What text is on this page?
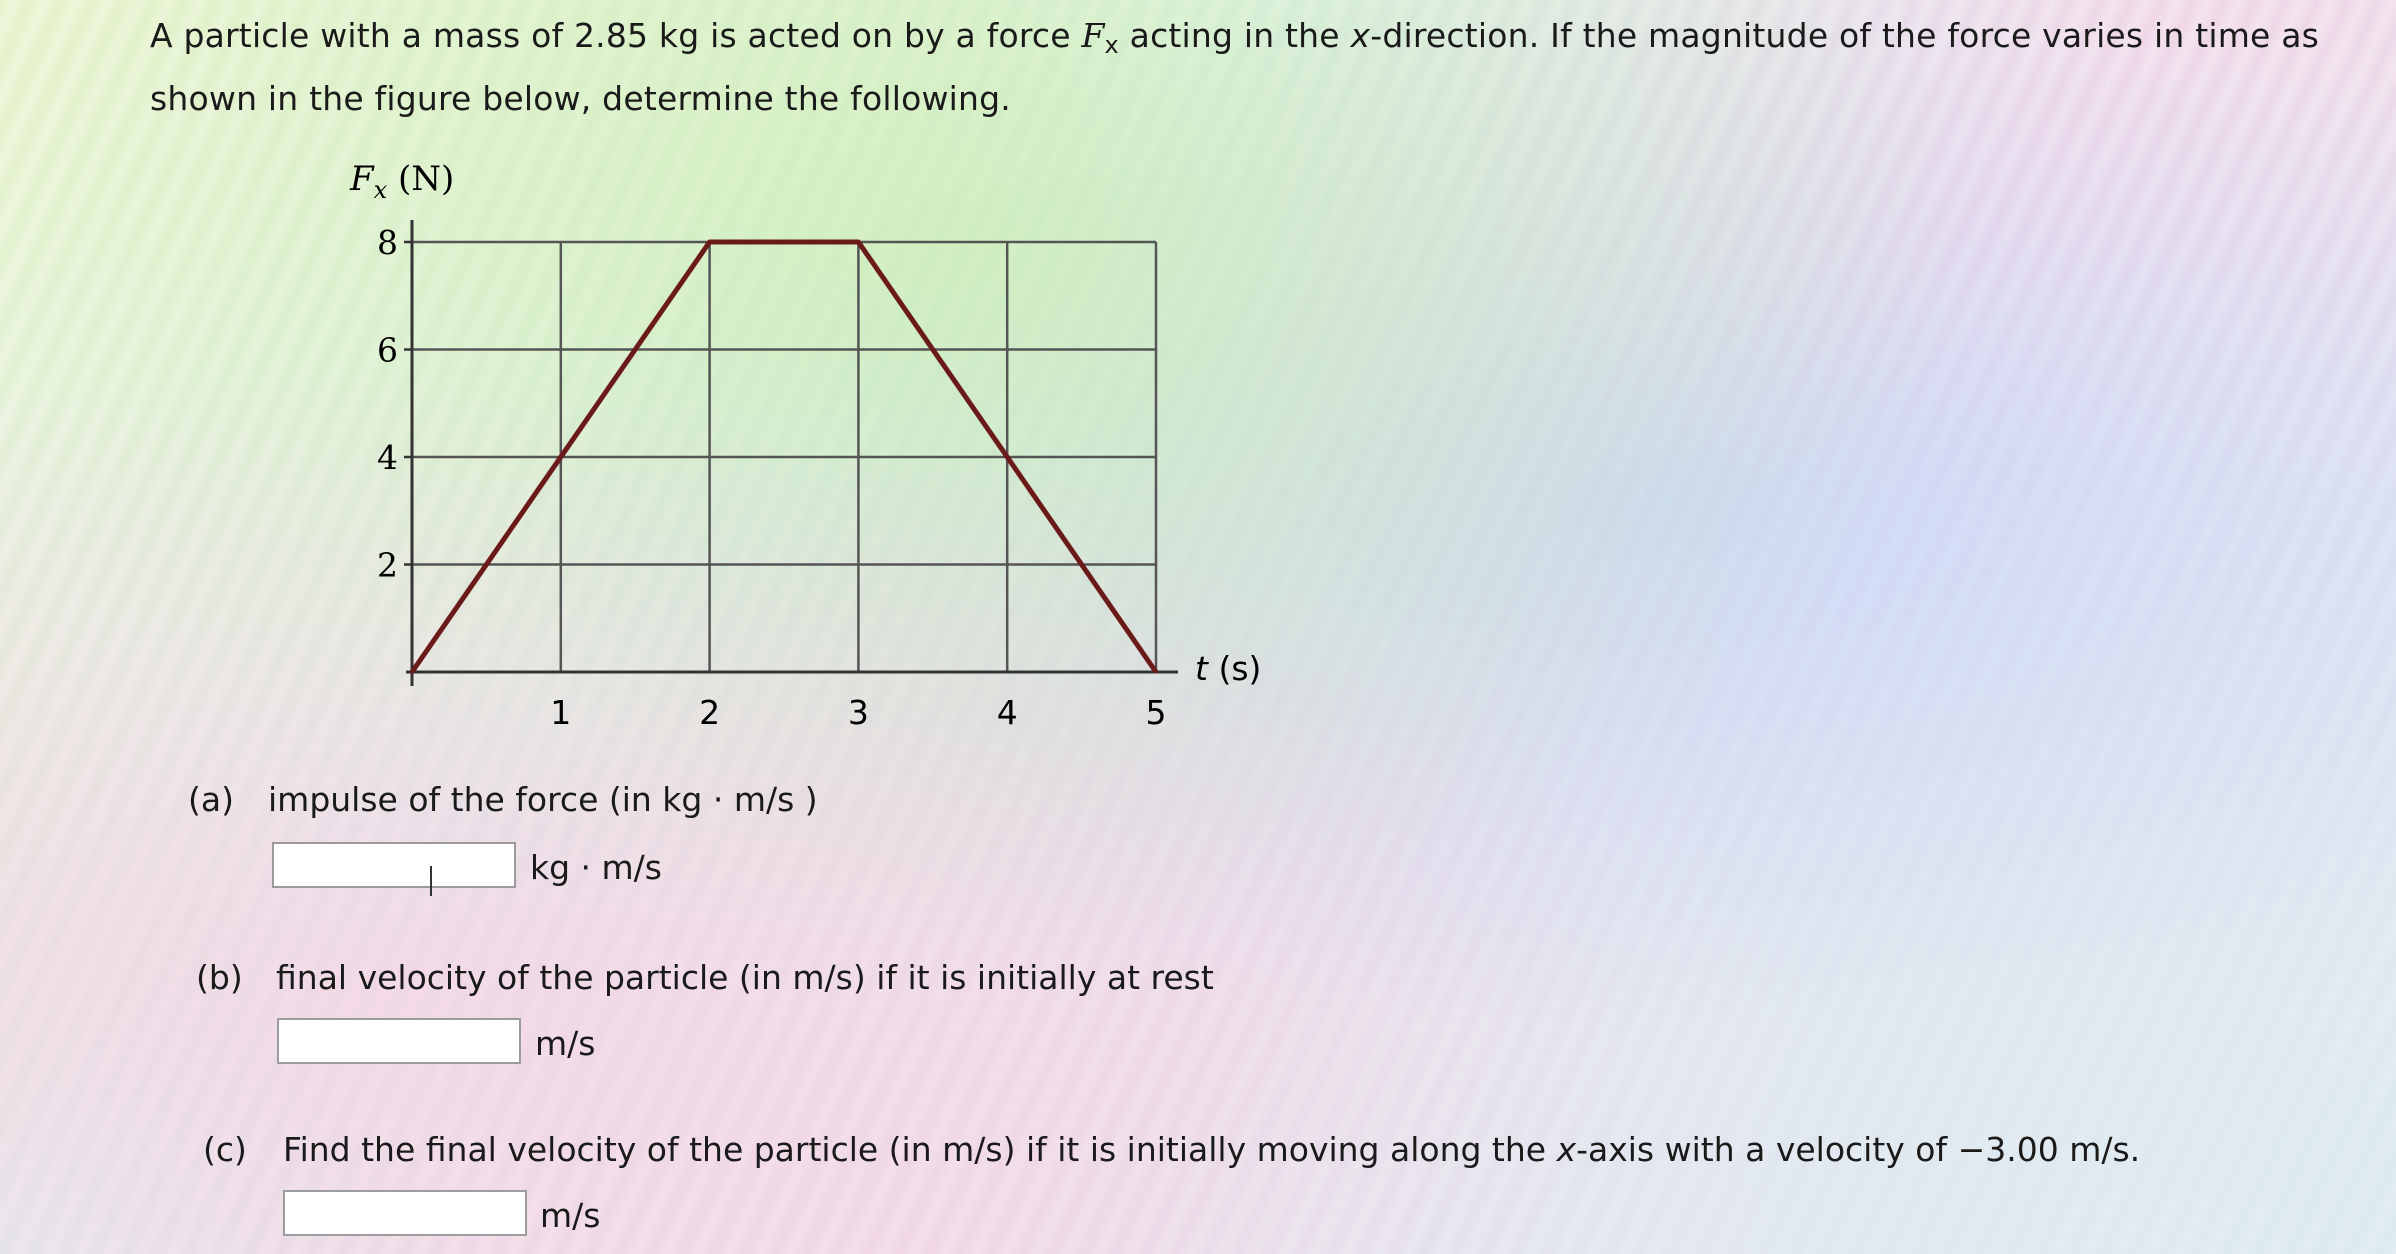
A particle with a mass of 2.85 kg is acted on by a force $F_x$ acting in the x-direction. If the magnitude of the force varies in time as
shown in the figure below, determine the following.
$F_x$ (N)
t (s)
1	2	3	4	5
2
4
6
8
(a) impulse of the force (in kg · m/s )
kg · m/s
(b) final velocity of the particle (in m/s) if it is initially at rest
m/s
(c) Find the final velocity of the particle (in m/s) if it is initially moving along the x-axis with a velocity of −3.00 m/s.
m/s
